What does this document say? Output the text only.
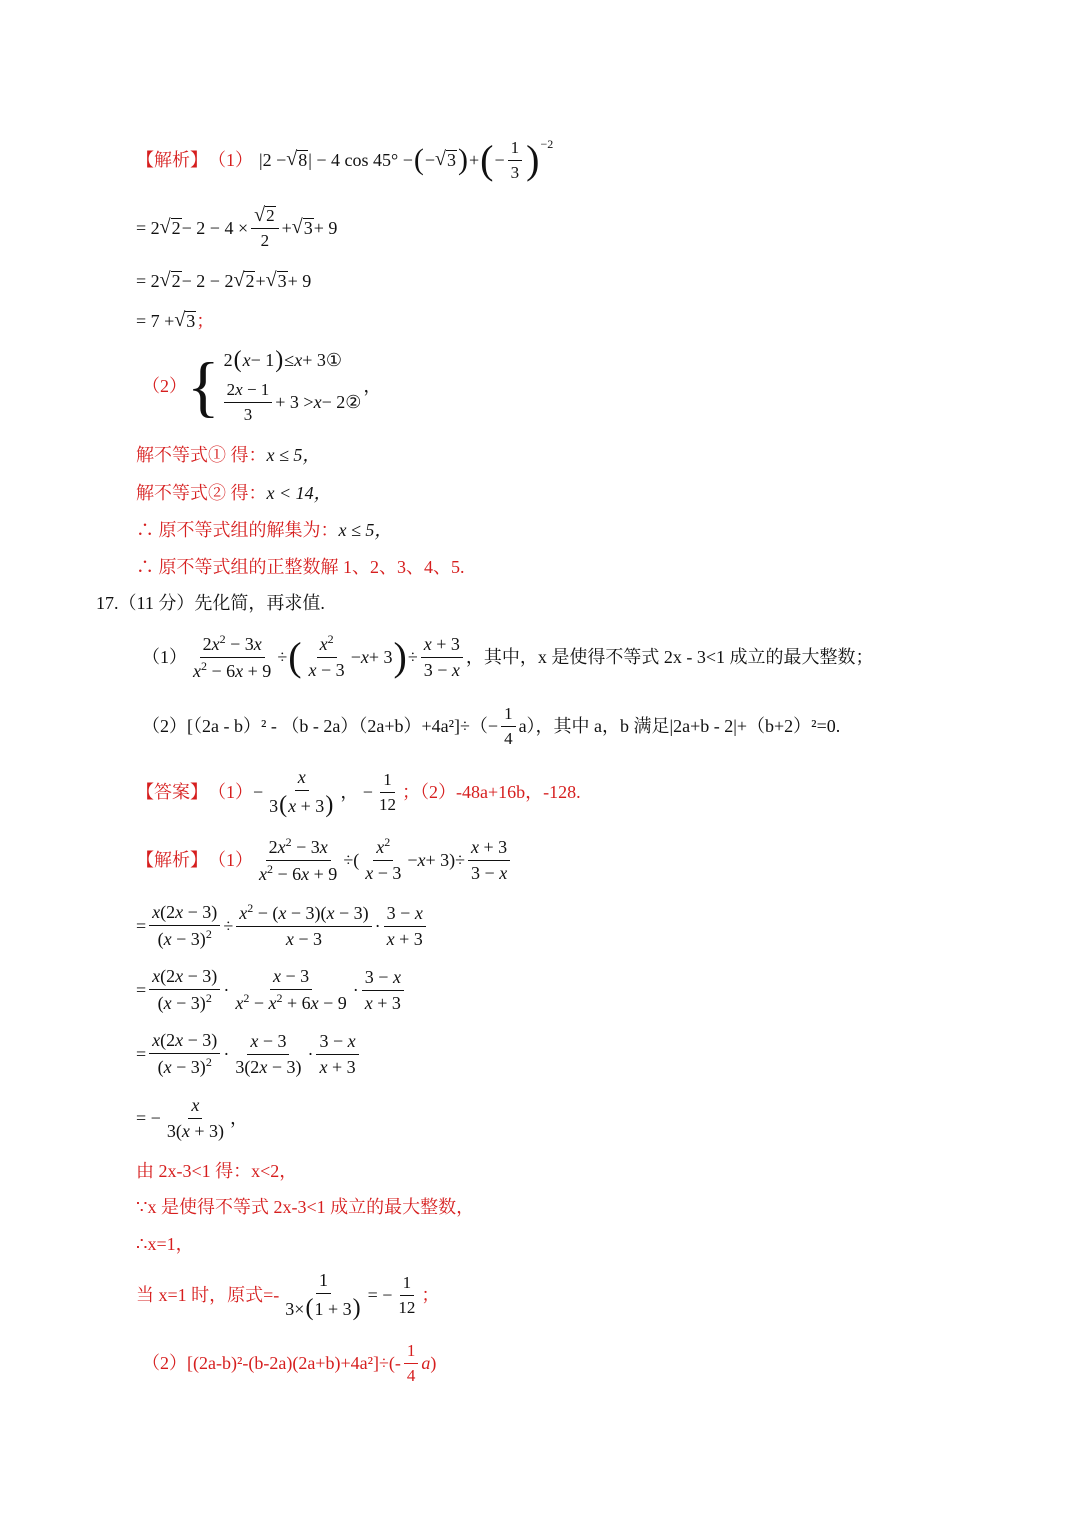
【解析】 （1） |2 − √ 8 | − 4 cos 45° − ( − √ 3 ) + ( − $\frac{1}{3} )^{-2}$
= 2 √ $2 - 2 - 4 \times \frac{√ 2}{2}$ + √ 3 + 9
= 2 √ 2 − 2 − 2 √ 2 + √ 3 + 9
= 7 + √ 3 ；
（2） { 2 ( x − 1 ) ≤ x + 3①
$\frac{2x - 1}{3} + 3 > x$ − 2②
，
解不等式① 得： x ≤ 5，
解不等式② 得： x < 14，
∴ 原不等式组的解集为： x ≤ 5，
∴ 原不等式组的正整数解 1、2、3、4、5.
17.（11 分）先化简，再求值.
$(1) \frac{2x^2 - 3x}{x^2 - 6x + 9}$ ÷ ( $\frac{x^2}{x - 3} - x + 3$ ) ÷ $\frac{x + 3}{3 - x}$ ，其中，x 是使得不等式 2x - 3<1 成立的最大整数；
$(2)[(2a - b)^2 - (b - 2a)(2a+b)+4a^2]\div(- \frac{1}{4} a)$，其中 a，b 满足|2a+b - 2|+（b+2）²=0.
【答案】 $(1) - \frac{x}{3(x + 3)}$ ， − $\frac{1}{12}$ ；（2）-48a+16b，-128.
【解析】 $(1) \frac{2x^2 - 3x}{x^2 - 6x + 9}$ ÷( $\frac{x^2}{x - 3} - x + 3)\div \frac{x + 3}{3 - x}$
= $\frac{x(2x - 3)}{(x - 3)^2} \div \frac{x^2 - (x - 3)(x - 3)}{x - 3} \cdot \frac{3 - x}{x + 3}$
= $\frac{x(2x - 3)}{(x - 3)^2} \cdot \frac{x - 3}{x^2 - x^2 + 6x - 9} \cdot \frac{3 - x}{x + 3}$
= $\frac{x(2x - 3)}{(x - 3)^2} \cdot \frac{x - 3}{3(2x - 3)} \cdot \frac{3 - x}{x + 3}$
= − $\frac{x}{3(x + 3)}$ ，
由 2x-3<1 得：x<2，
∵x 是使得不等式 2x-3<1 成立的最大整数，
∴x=1，
当 x=1 时，原式=- $\frac{1}{3\times(1 + 3)}$ = − $\frac{1}{12}$ ；
（2） $[(2a-b)^2-(b-2a)(2a+b)+4a^2]\div(- \frac{1}{4}$ a )
